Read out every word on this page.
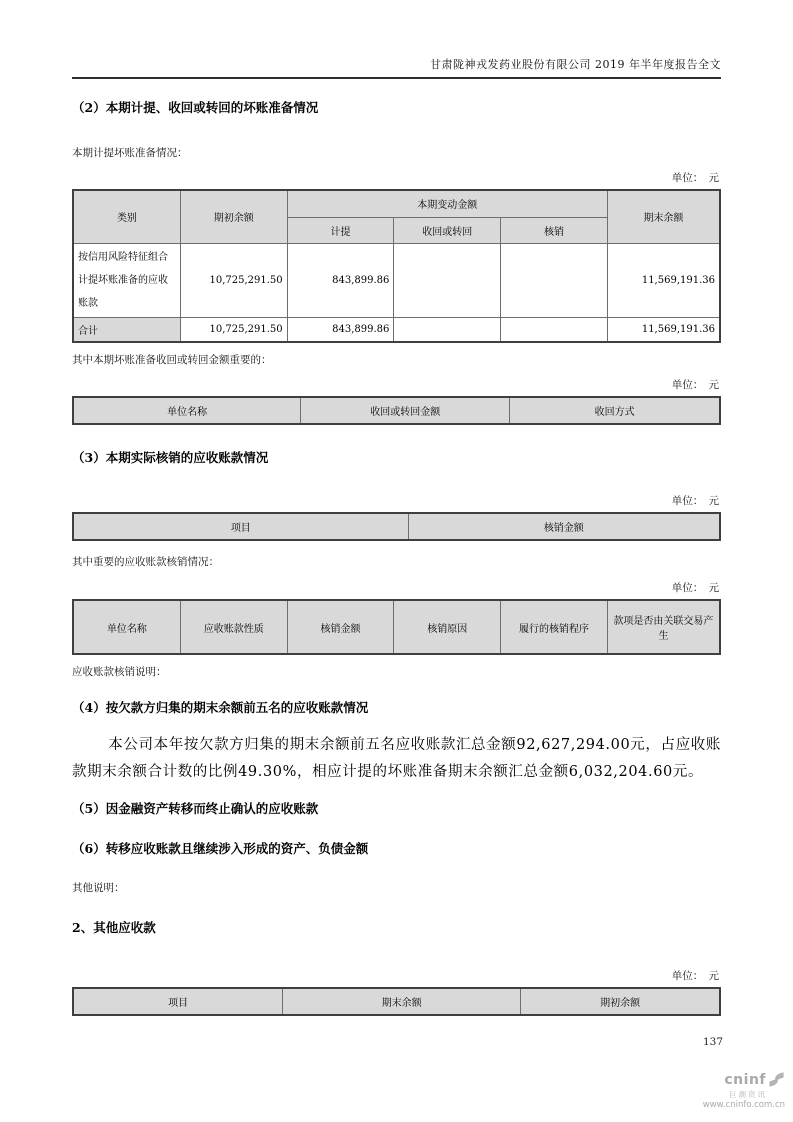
甘肃陇神戎发药业股份有限公司 2019 年半年度报告全文
（2）本期计提、收回或转回的坏账准备情况

本期计提坏账准备情况：

单位：　元
类别	期初余额	本期变动金额			期末余额
		计提	收回或转回	核销	
按信用风险特征组合计提坏账准备的应收账款	10,725,291.50	843,899.86			11,569,191.36
合计	10,725,291.50	843,899.86			11,569,191.36

其中本期坏账准备收回或转回金额重要的：

单位：　元
单位名称	收回或转回金额	收回方式
（3）本期实际核销的应收账款情况
单位：　元
项目	核销金额

其中重要的应收账款核销情况：

单位：　元
单位名称	应收账款性质	核销金额	核销原因	履行的核销程序	款项是否由关联交易产生

应收账款核销说明：

（4）按欠款方归集的期末余额前五名的应收账款情况

本公司本年按欠款方归集的期末余额前五名应收账款汇总金额92,627,294.00元，占应收账款期末余额合计数的比例49.30%，相应计提的坏账准备期末余额汇总金额6,032,204.60元。

（5）因金融资产转移而终止确认的应收账款
（6）转移应收账款且继续涉入形成的资产、负债金额

其他说明：

2、其他应收款
单位：　元
项目	期末余额	期初余额
137
cninf
巨潮资讯
www.cninfo.com.cn
